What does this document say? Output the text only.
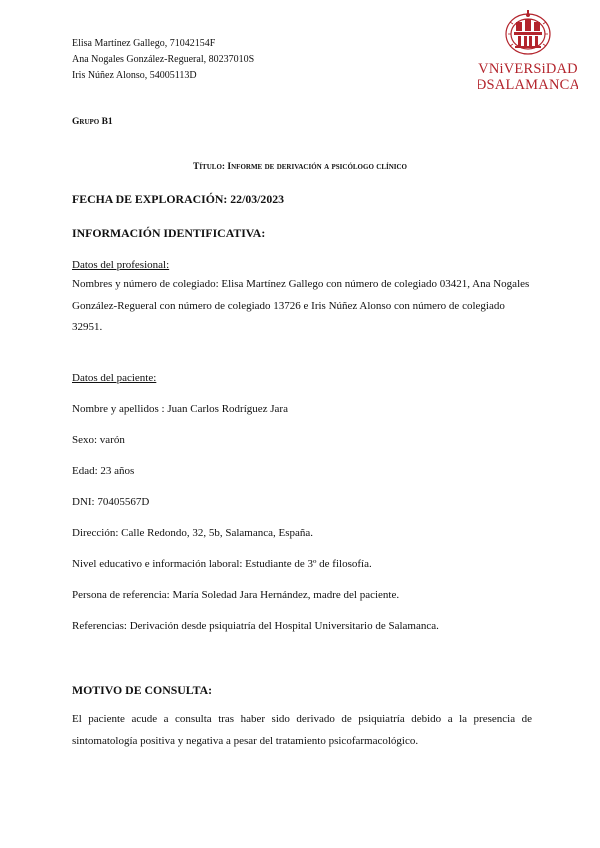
Elisa Martínez Gallego, 71042154F
Ana Nogales González-Regueral, 80237010S
Iris Núñez Alonso, 54005113D	VNiVERSiDAD
ÐSALAMANCA
Grupo B1
Título: Informe de derivación a psicólogo clínico
FECHA DE EXPLORACIÓN: 22/03/2023
INFORMACIÓN IDENTIFICATIVA:
Datos del profesional:
Nombres y número de colegiado: Elisa Martínez Gallego con número de colegiado 03421, Ana Nogales González-Regueral con número de colegiado 13726 e Iris Núñez Alonso con número de colegiado 32951.
Datos del paciente:
Nombre y apellidos : Juan Carlos Rodríguez Jara
Sexo: varón
Edad: 23 años
DNI: 70405567D
Dirección: Calle Redondo, 32, 5b, Salamanca, España.
Nivel educativo e información laboral: Estudiante de 3º de filosofía.
Persona de referencia: María Soledad Jara Hernández, madre del paciente.
Referencias: Derivación desde psiquiatría del Hospital Universitario de Salamanca.
MOTIVO DE CONSULTA:
El paciente acude a consulta tras haber sido derivado de psiquiatría debido a la presencia de sintomatología positiva y negativa a pesar del tratamiento psicofarmacológico.
